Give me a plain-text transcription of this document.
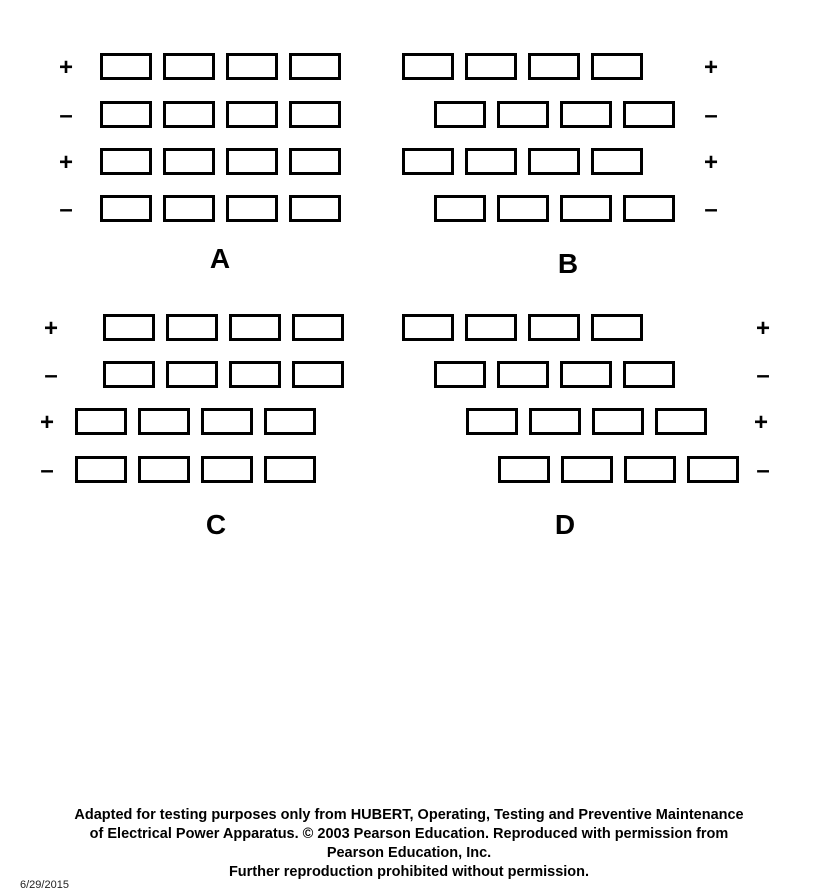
+
–
+
–
A
+
–
+
–
B
+
–
+
–
C
+
–
+
–
D
Adapted for testing purposes only from HUBERT, Operating, Testing and Preventive Maintenance
of Electrical Power Apparatus. © 2003 Pearson Education. Reproduced with permission from
Pearson Education, Inc.
Further reproduction prohibited without permission.
6/29/2015
